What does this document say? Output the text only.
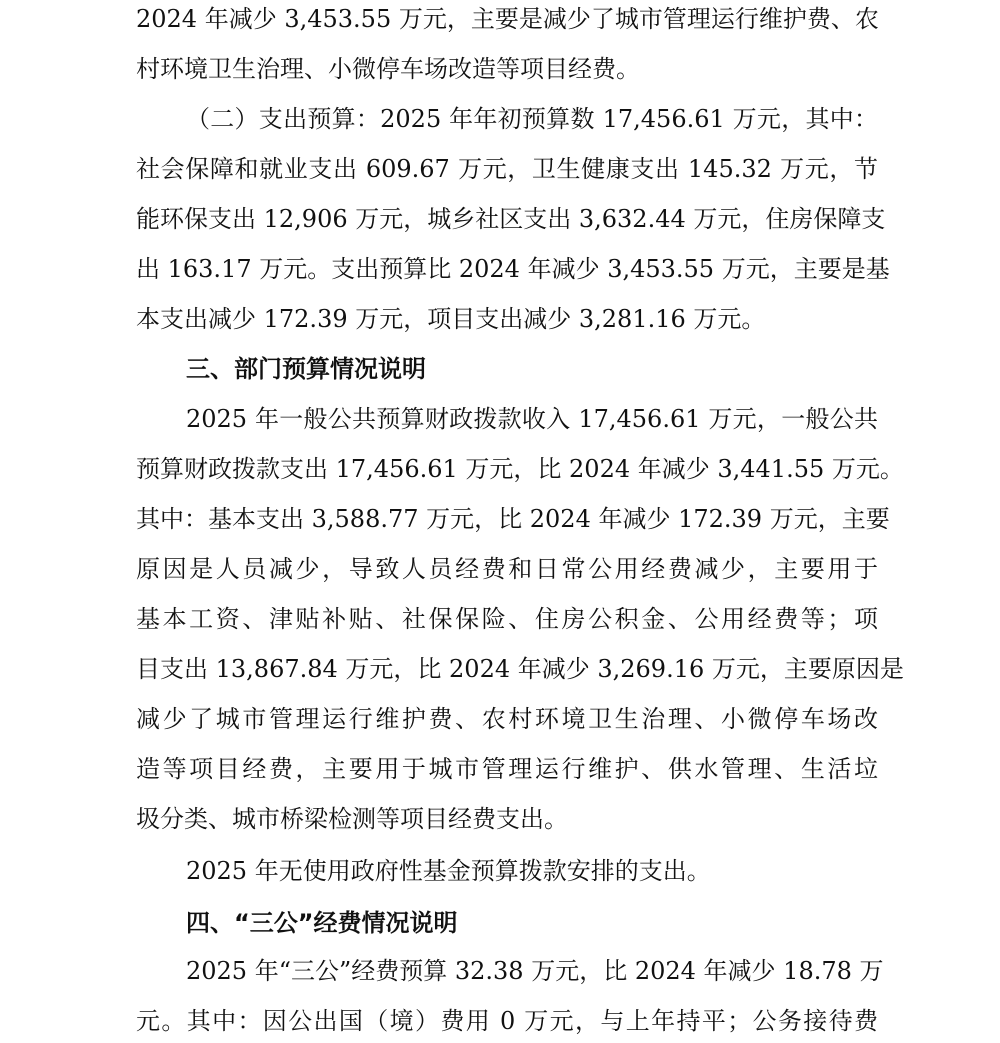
2024 年减少 3,453.55 万元，主要是减少了城市管理运行维护费、农
村环境卫生治理、小微停车场改造等项目经费。
（二）支出预算：2025 年年初预算数 17,456.61 万元，其中：
社会保障和就业支出 609.67 万元，卫生健康支出 145.32 万元，节
能环保支出 12,906 万元，城乡社区支出 3,632.44 万元，住房保障支
出 163.17 万元。支出预算比 2024 年减少 3,453.55 万元，主要是基
本支出减少 172.39 万元，项目支出减少 3,281.16 万元。
三、部门预算情况说明
2025 年一般公共预算财政拨款收入 17,456.61 万元，一般公共
预算财政拨款支出 17,456.61 万元，比 2024 年减少 3,441.55 万元。
其中：基本支出 3,588.77 万元，比 2024 年减少 172.39 万元，主要
原因是人员减少，导致人员经费和日常公用经费减少，主要用于
基本工资、津贴补贴、社保保险、住房公积金、公用经费等；项
目支出 13,867.84 万元，比 2024 年减少 3,269.16 万元，主要原因是
减少了城市管理运行维护费、农村环境卫生治理、小微停车场改
造等项目经费，主要用于城市管理运行维护、供水管理、生活垃
圾分类、城市桥梁检测等项目经费支出。
2025 年无使用政府性基金预算拨款安排的支出。
四、“三公”经费情况说明
2025 年“三公”经费预算 32.38 万元，比 2024 年减少 18.78 万
元。其中：因公出国（境）费用 0 万元，与上年持平；公务接待费
